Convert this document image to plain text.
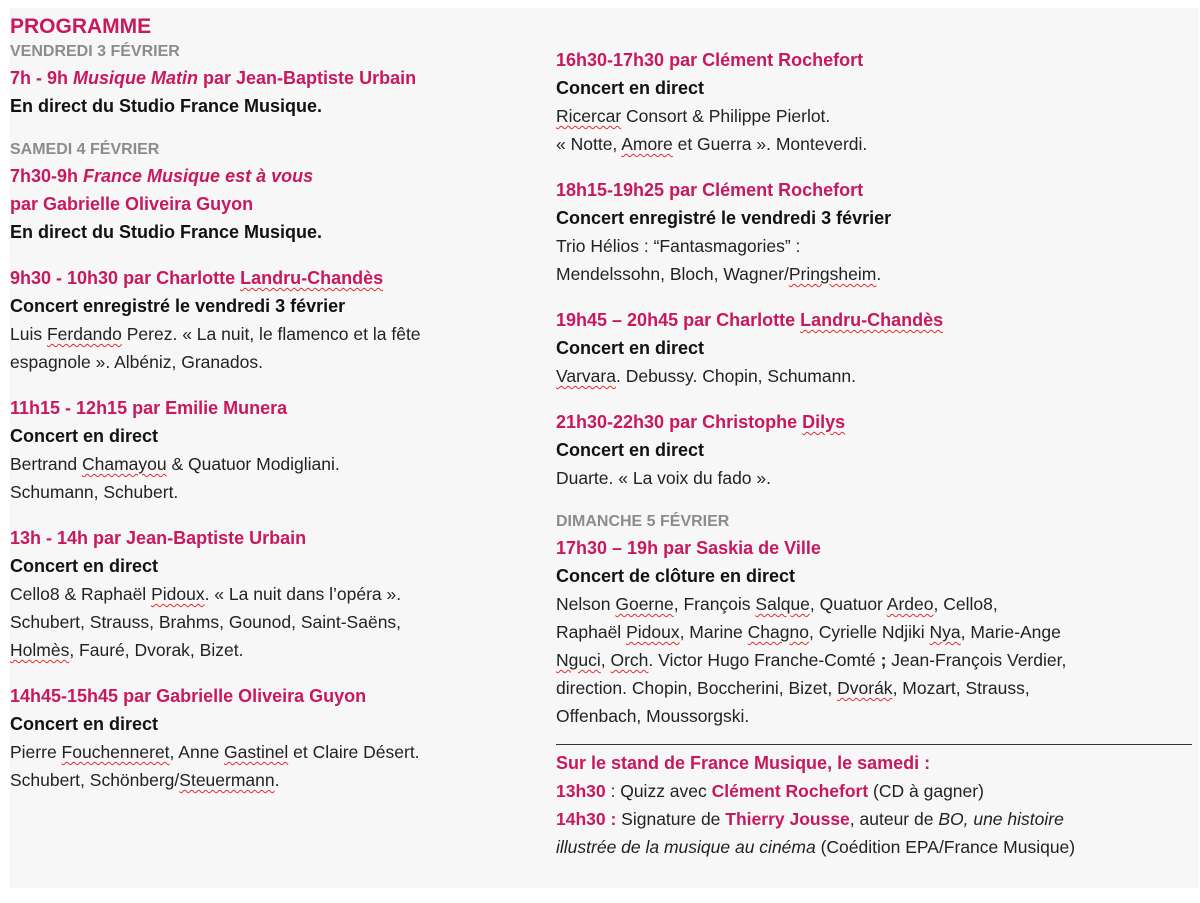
PROGRAMME
VENDREDI 3 FÉVRIER
7h - 9h Musique Matin par Jean-Baptiste Urbain
En direct du Studio France Musique.
SAMEDI 4 FÉVRIER
7h30-9h France Musique est à vous
par Gabrielle Oliveira Guyon
En direct du Studio France Musique.
9h30 - 10h30 par Charlotte Landru-Chandès
Concert enregistré le vendredi 3 février
Luis Ferdando Perez. « La nuit, le flamenco et la fête
espagnole ». Albéniz, Granados.
11h15 - 12h15 par Emilie Munera
Concert en direct
Bertrand Chamayou & Quatuor Modigliani.
Schumann, Schubert.
13h - 14h par Jean-Baptiste Urbain
Concert en direct
Cello8 & Raphaël Pidoux. « La nuit dans l’opéra ».
Schubert, Strauss, Brahms, Gounod, Saint-Saëns,
Holmès, Fauré, Dvorak, Bizet.
14h45-15h45 par Gabrielle Oliveira Guyon
Concert en direct
Pierre Fouchenneret, Anne Gastinel et Claire Désert.
Schubert, Schönberg/Steuermann.
16h30-17h30 par Clément Rochefort
Concert en direct
Ricercar Consort & Philippe Pierlot.
« Notte, Amore et Guerra ». Monteverdi.
18h15-19h25 par Clément Rochefort
Concert enregistré le vendredi 3 février
Trio Hélios : “Fantasmagories” :
Mendelssohn, Bloch, Wagner/Pringsheim.
19h45 – 20h45 par Charlotte Landru-Chandès
Concert en direct
Varvara. Debussy. Chopin, Schumann.
21h30-22h30 par Christophe Dilys
Concert en direct
Duarte. « La voix du fado ».
DIMANCHE 5 FÉVRIER
17h30 – 19h par Saskia de Ville
Concert de clôture en direct
Nelson Goerne, François Salque, Quatuor Ardeo, Cello8,
Raphaël Pidoux, Marine Chagno, Cyrielle Ndjiki Nya, Marie-Ange
Nguci, Orch. Victor Hugo Franche-Comté ; Jean-François Verdier,
direction. Chopin, Boccherini, Bizet, Dvorák, Mozart, Strauss,
Offenbach, Moussorgski.
Sur le stand de France Musique, le samedi :
13h30 : Quizz avec Clément Rochefort (CD à gagner)
14h30 : Signature de Thierry Jousse, auteur de BO, une histoire
illustrée de la musique au cinéma (Coédition EPA/France Musique)
